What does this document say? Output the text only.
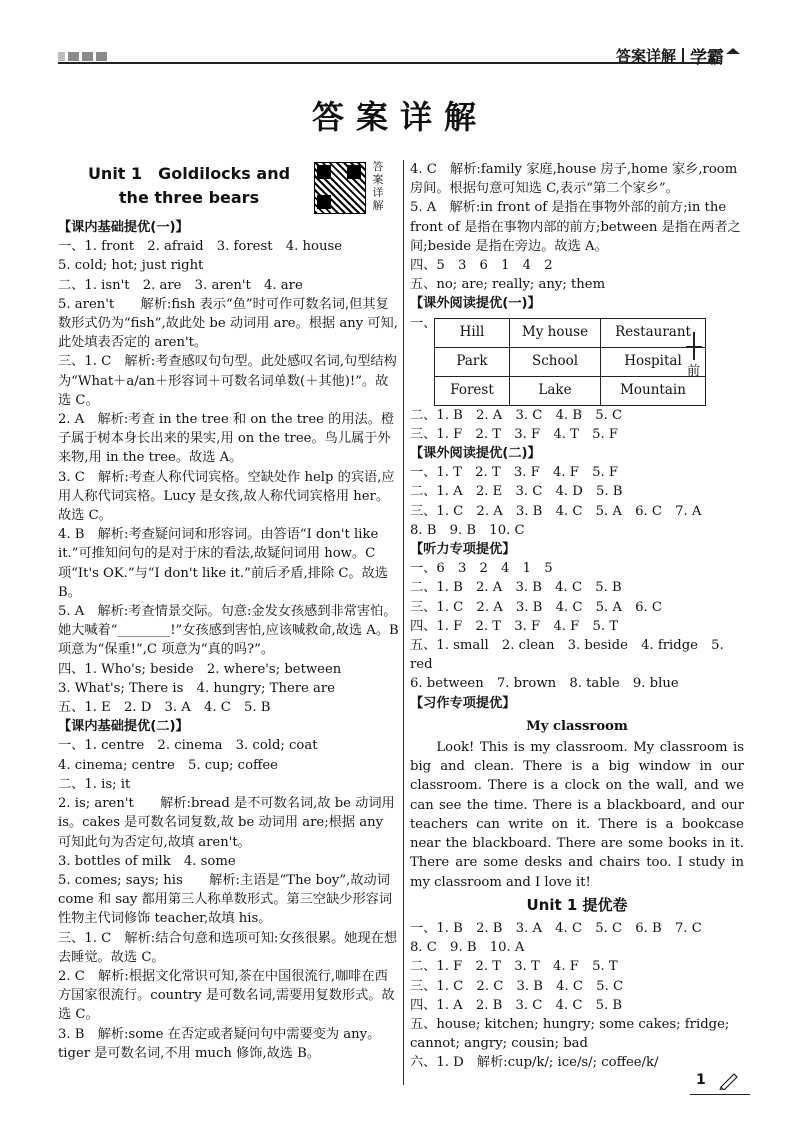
答案详解 学霸
答案详解
Unit 1　Goldilocks and
the three bears
答案详解

【课内基础提优(一)】

一、1. front　2. afraid　3. forest　4. house

5. cold; hot; just right

二、1. isn't　2. are　3. aren't　4. are

5. aren't　　解析:fish 表示“鱼”时可作可数名词,但其复数形式仍为“fish”,故此处 be 动词用 are。根据 any 可知,此处填表否定的 aren't。

三、1. C　解析:考查感叹句句型。此处感叹名词,句型结构为“What＋a/an＋形容词＋可数名词单数(＋其他)!”。故选 C。

2. A　解析:考查 in the tree 和 on the tree 的用法。橙子属于树本身长出来的果实,用 on the tree。鸟儿属于外来物,用 in the tree。故选 A。

3. C　解析:考查人称代词宾格。空缺处作 help 的宾语,应用人称代词宾格。Lucy 是女孩,故人称代词宾格用 her。故选 C。

4. B　解析:考查疑问词和形容词。由答语“I don't like it.”可推知问句的是对于床的看法,故疑问词用 how。C 项“It's OK.”与“I don't like it.”前后矛盾,排除 C。故选 B。

5. A　解析:考查情景交际。句意:金发女孩感到非常害怕。她大喊着“________!”女孩感到害怕,应该喊救命,故选 A。B 项意为“保重!”,C 项意为“真的吗?”。

四、1. Who's; beside　2. where's; between

3. What's; There is　4. hungry; There are

五、1. E　2. D　3. A　4. C　5. B

【课内基础提优(二)】

一、1. centre　2. cinema　3. cold; coat

4. cinema; centre　5. cup; coffee

二、1. is; it

2. is; aren't　　解析:bread 是不可数名词,故 be 动词用 is。cakes 是可数名词复数,故 be 动词用 are;根据 any 可知此句为否定句,故填 aren't。

3. bottles of milk　4. some

5. comes; says; his　　解析:主语是“The boy”,故动词 come 和 say 都用第三人称单数形式。第三空缺少形容词性物主代词修饰 teacher,故填 his。

三、1. C　解析:结合句意和选项可知:女孩很累。她现在想去睡觉。故选 C。

2. C　解析:根据文化常识可知,茶在中国很流行,咖啡在西方国家很流行。country 是可数名词,需要用复数形式。故选 C。

3. B　解析:some 在否定或者疑问句中需要变为 any。tiger 是可数名词,不用 much 修饰,故选 B。

4. C　解析:family 家庭,house 房子,home 家乡,room 房间。根据句意可知选 C,表示“第二个家乡”。

5. A　解析:in front of 是指在事物外部的前方;in the front of 是指在事物内部的前方;between 是指在两者之间;beside 是指在旁边。故选 A。

四、5　3　6　1　4　2

五、no; are; really; any; them

【课外阅读提优(一)】

一、
Hill	My house	Restaurant
Park	School	Hospital
Forest	Lake	Mountain
前

二、1. B　2. A　3. C　4. B　5. C

三、1. F　2. T　3. F　4. T　5. F

【课外阅读提优(二)】

一、1. T　2. T　3. F　4. F　5. F

二、1. A　2. E　3. C　4. D　5. B

三、1. C　2. A　3. B　4. C　5. A　6. C　7. A

8. B　9. B　10. C

【听力专项提优】

一、6　3　2　4　1　5

二、1. B　2. A　3. B　4. C　5. B

三、1. C　2. A　3. B　4. C　5. A　6. C

四、1. F　2. T　3. F　4. F　5. T

五、1. small　2. clean　3. beside　4. fridge　5. red

6. between　7. brown　8. table　9. blue

【习作专项提优】

My classroom

Look! This is my classroom. My classroom is big and clean. There is a big window in our classroom. There is a clock on the wall, and we can see the time. There is a blackboard, and our teachers can write on it. There is a bookcase near the blackboard. There are some books in it. There are some desks and chairs too. I study in my classroom and I love it!

Unit 1 提优卷

一、1. B　2. B　3. A　4. C　5. C　6. B　7. C

8. C　9. B　10. A

二、1. F　2. T　3. T　4. F　5. T

三、1. C　2. C　3. B　4. C　5. C

四、1. A　2. B　3. C　4. C　5. B

五、house; kitchen; hungry; some cakes; fridge; cannot; angry; cousin; bad

六、1. D　解析:cup/k/; ice/s/; coffee/k/

1
